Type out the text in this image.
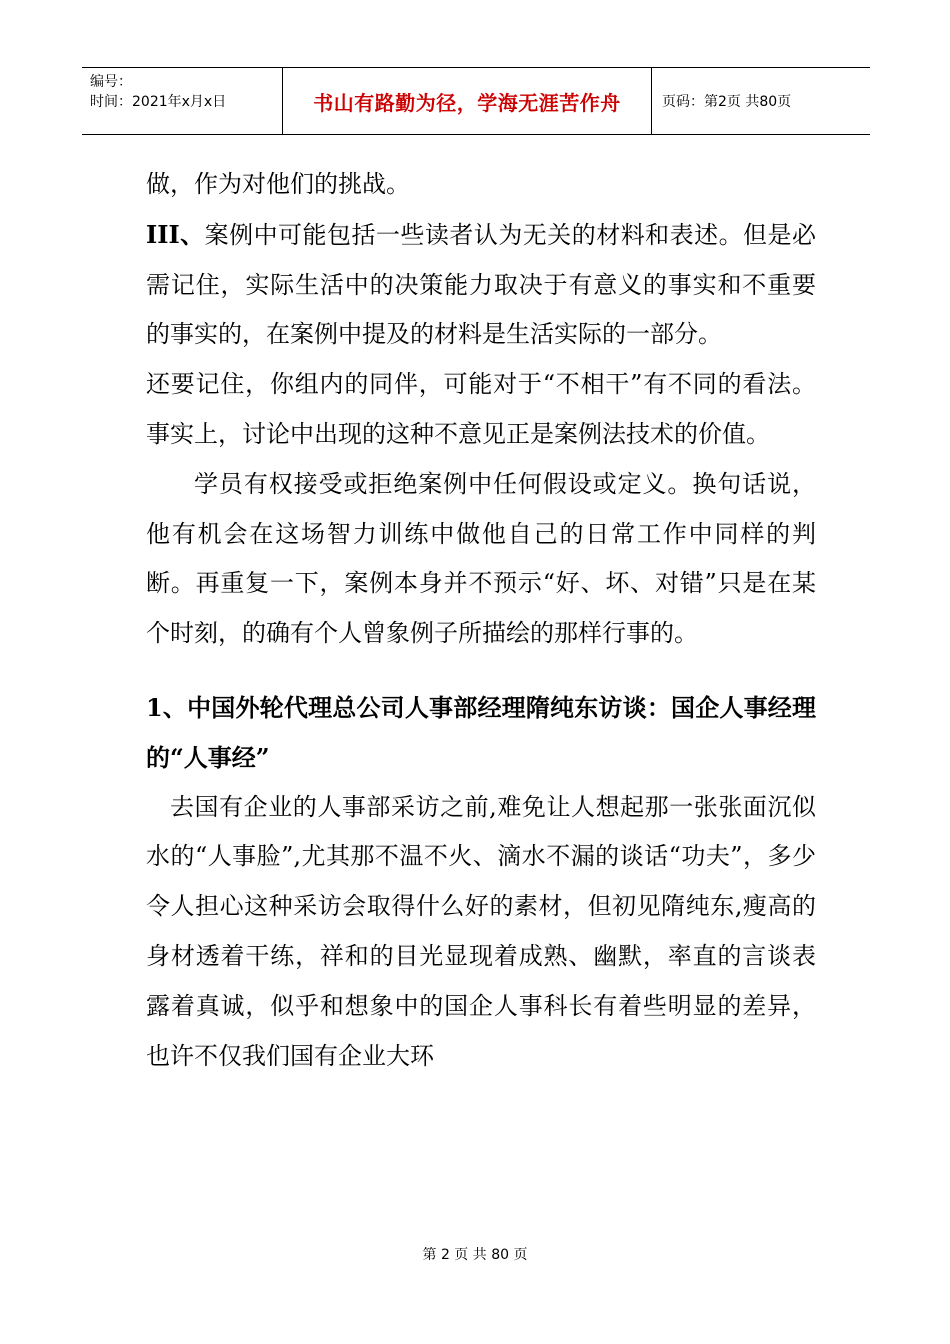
编号：
时间：2021年x月x日	书山有路勤为径，学海无涯苦作舟	页码：第2页 共80页

做，作为对他们的挑战。

III、案例中可能包括一些读者认为无关的材料和表述。但是必需记住，实际生活中的决策能力取决于有意义的事实和不重要的事实的，在案例中提及的材料是生活实际的一部分。

还要记住，你组内的同伴，可能对于“不相干”有不同的看法。事实上，讨论中出现的这种不意见正是案例法技术的价值。

学员有权接受或拒绝案例中任何假设或定义。换句话说，他有机会在这场智力训练中做他自己的日常工作中同样的判断。再重复一下，案例本身并不预示“好、坏、对错”只是在某个时刻，的确有个人曾象例子所描绘的那样行事的。

1、中国外轮代理总公司人事部经理隋纯东访谈：国企人事经理的“人事经”

去国有企业的人事部采访之前,难免让人想起那一张张面沉似水的“人事脸”,尤其那不温不火、滴水不漏的谈话“功夫”，多少令人担心这种采访会取得什么好的素材，但初见隋纯东,瘦高的身材透着干练，祥和的目光显现着成熟、幽默，率直的言谈表露着真诚，似乎和想象中的国企人事科长有着些明显的差异，也许不仅我们国有企业大环

第 2 页 共 80 页
